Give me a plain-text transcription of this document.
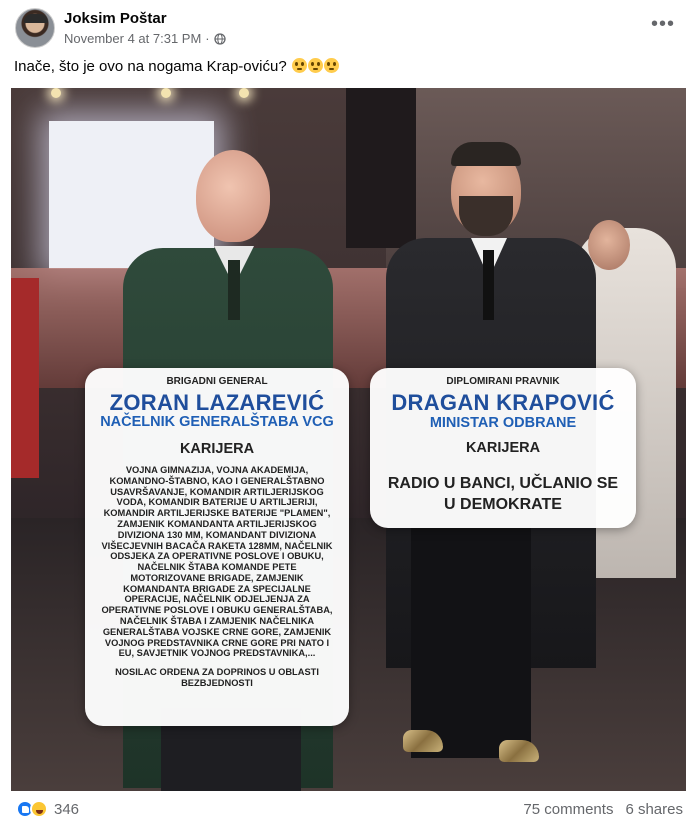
Joksim Poštar
November 4 at 7:31 PM ·
•••
Inače, što je ovo na nogama Krap-oviću?
BRIGADNI GENERAL
ZORAN LAZAREVIĆ
NAČELNIK GENERALŠTABA VCG
KARIJERA
VOJNA GIMNAZIJA, VOJNA AKADEMIJA, KOMANDNO-ŠTABNO, KAO I GENERALŠTABNO USAVRŠAVANJE, KOMANDIR ARTILJERIJSKOG VODA, KOMANDIR BATERIJE U ARTILJERIJI, KOMANDIR ARTILJERIJSKE BATERIJE "PLAMEN", ZAMJENIK KOMANDANTA ARTILJERIJSKOG DIVIZIONA 130 MM, KOMANDANT DIVIZIONA VIŠECJEVNIH BACAČA RAKETA 128MM, NAČELNIK ODSJEKA ZA OPERATIVNE POSLOVE I OBUKU, NAČELNIK ŠTABA KOMANDE PETE MOTORIZOVANE BRIGADE, ZAMJENIK KOMANDANTA BRIGADE ZA SPECIJALNE OPERACIJE, NAČELNIK ODJELJENJA ZA OPERATIVNE POSLOVE I OBUKU GENERALŠTABA, NAČELNIK ŠTABA I ZAMJENIK NAČELNIKA GENERALŠTABA VOJSKE CRNE GORE, ZAMJENIK VOJNOG PREDSTAVNIKA CRNE GORE PRI NATO I EU, SAVJETNIK VOJNOG PREDSTAVNIKA,...
NOSILAC ORDENA ZA DOPRINOS U OBLASTI BEZBJEDNOSTI
DIPLOMIRANI PRAVNIK
DRAGAN KRAPOVIĆ
MINISTAR ODBRANE
KARIJERA
RADIO U BANCI, UČLANIO SE U DEMOKRATE
346	75 comments 6 shares
